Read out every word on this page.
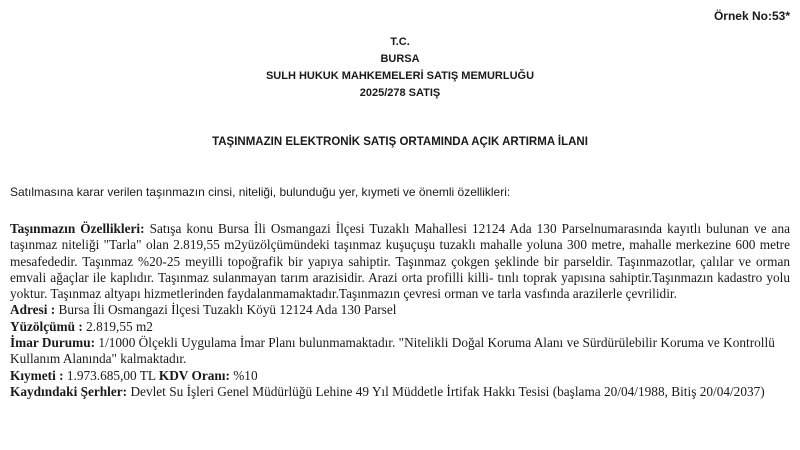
Örnek No:53*
T.C.
BURSA
SULH HUKUK MAHKEMELERİ SATIŞ MEMURLUĞU
2025/278 SATIŞ
TAŞINMAZIN ELEKTRONİK SATIŞ ORTAMINDA AÇIK ARTIRMA İLANI
Satılmasına karar verilen taşınmazın cinsi, niteliği, bulunduğu yer, kıymeti ve önemli özellikleri:

Taşınmazın Özellikleri: Satışa konu Bursa İli Osmangazi İlçesi Tuzaklı Mahallesi 12124 Ada 130 Parselnumarasında kayıtlı bulunan ve ana taşınmaz niteliği "Tarla" olan 2.819,55 m2yüzölçümündeki taşınmaz kuşuçuşu tuzaklı mahalle yoluna 300 metre, mahalle merkezine 600 metre mesafededir. Taşınmaz %20-25 meyilli topoğrafik bir yapıya sahiptir. Taşınmaz çokgen şeklinde bir parseldir. Taşınmazotlar, çalılar ve orman emvali ağaçlar ile kaplıdır. Taşınmaz sulanmayan tarım arazisidir. Arazi orta profilli killi- tınlı toprak yapısına sahiptir.Taşınmazın kadastro yolu yoktur. Taşınmaz altyapı hizmetlerinden faydalanmamaktadır.Taşınmazın çevresi orman ve tarla vasfında arazilerle çevrilidir.

Adresi : Bursa İli Osmangazi İlçesi Tuzaklı Köyü 12124 Ada 130 Parsel

Yüzölçümü : 2.819,55 m2

İmar Durumu: 1/1000 Ölçekli Uygulama İmar Planı bulunmamaktadır. "Nitelikli Doğal Koruma Alanı ve Sürdürülebilir Koruma ve Kontrollü Kullanım Alanında" kalmaktadır.

Kıymeti : 1.973.685,00 TL KDV Oranı: %10

Kaydındaki Şerhler: Devlet Su İşleri Genel Müdürlüğü Lehine 49 Yıl Müddetle İrtifak Hakkı Tesisi (başlama 20/04/1988, Bitiş 20/04/2037)
